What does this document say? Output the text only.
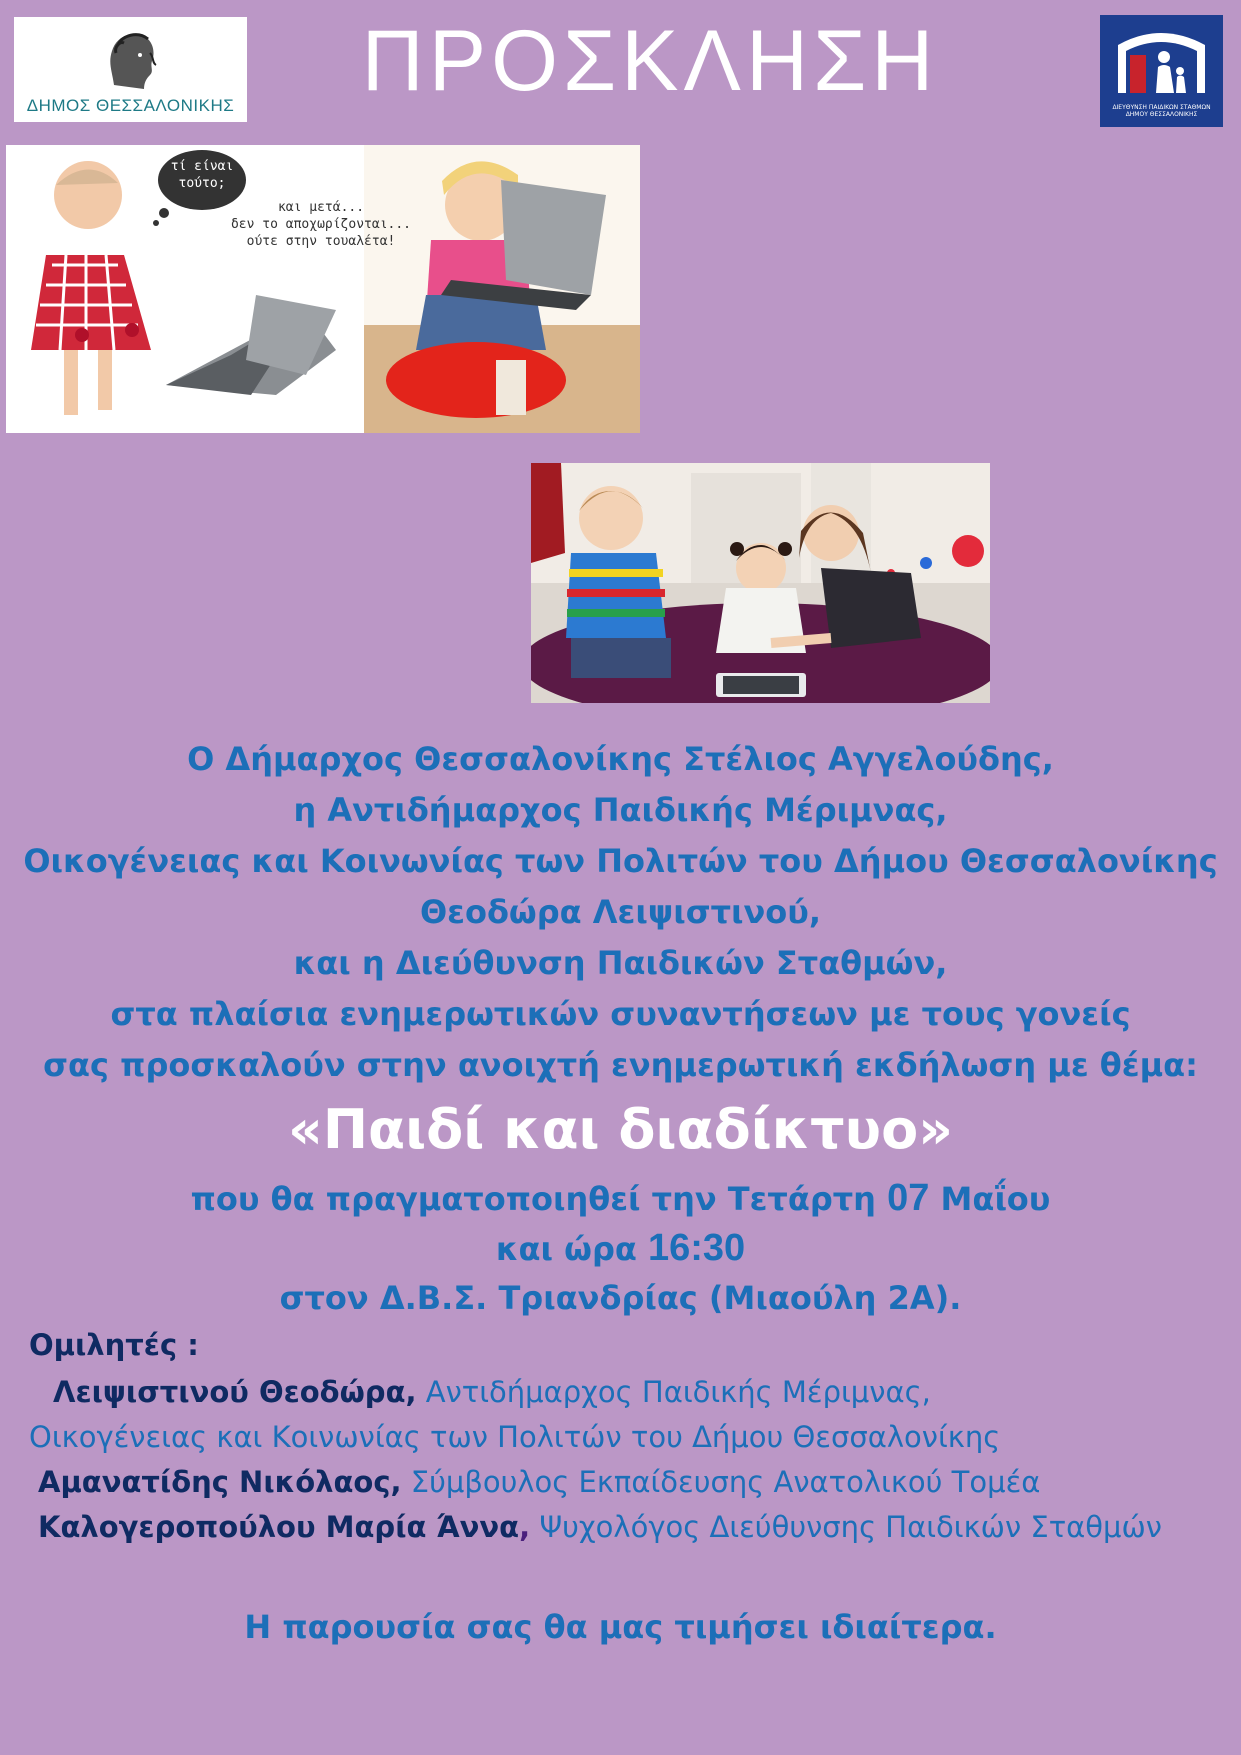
ΔΗΜΟΣ ΘΕΣΣΑΛΟΝΙΚΗΣ ΠΡΟΣΚΛΗΣΗ	ΔΙΕΥΘΥΝΣΗ ΠΑΙΔΙΚΩΝ ΣΤΑΘΜΩΝ ΔΗΜΟΥ ΘΕΣΣΑΛΟΝΙΚΗΣ
τί είναι τούτο;
και μετά...
δεν το αποχωρίζονται...
ούτε στην τουαλέτα!
Ο Δήμαρχος Θεσσαλονίκης Στέλιος Αγγελούδης,
η Αντιδήμαρχος Παιδικής Μέριμνας,
Οικογένειας και Κοινωνίας των Πολιτών του Δήμου Θεσσαλονίκης
Θεοδώρα Λειψιστινού,
και η Διεύθυνση Παιδικών Σταθμών,
στα πλαίσια ενημερωτικών συναντήσεων με τους γονείς
σας προσκαλούν στην ανοιχτή ενημερωτική εκδήλωση με θέμα:
«Παιδί και διαδίκτυο»
που θα πραγματοποιηθεί την Τετάρτη 07 Μαΐου
και ώρα 16:30
στον Δ.Β.Σ. Τριανδρίας (Μιαούλη 2Α).
Ομιλητές :
Λειψιστινού Θεοδώρα, Αντιδήμαρχος Παιδικής Μέριμνας,
Οικογένειας και Κοινωνίας των Πολιτών του Δήμου Θεσσαλονίκης
Αμανατίδης Νικόλαος, Σύμβουλος Εκπαίδευσης Ανατολικού Τομέα
Καλογεροπούλου Μαρία Άννα, Ψυχολόγος Διεύθυνσης Παιδικών Σταθμών
Η παρουσία σας θα μας τιμήσει ιδιαίτερα.
